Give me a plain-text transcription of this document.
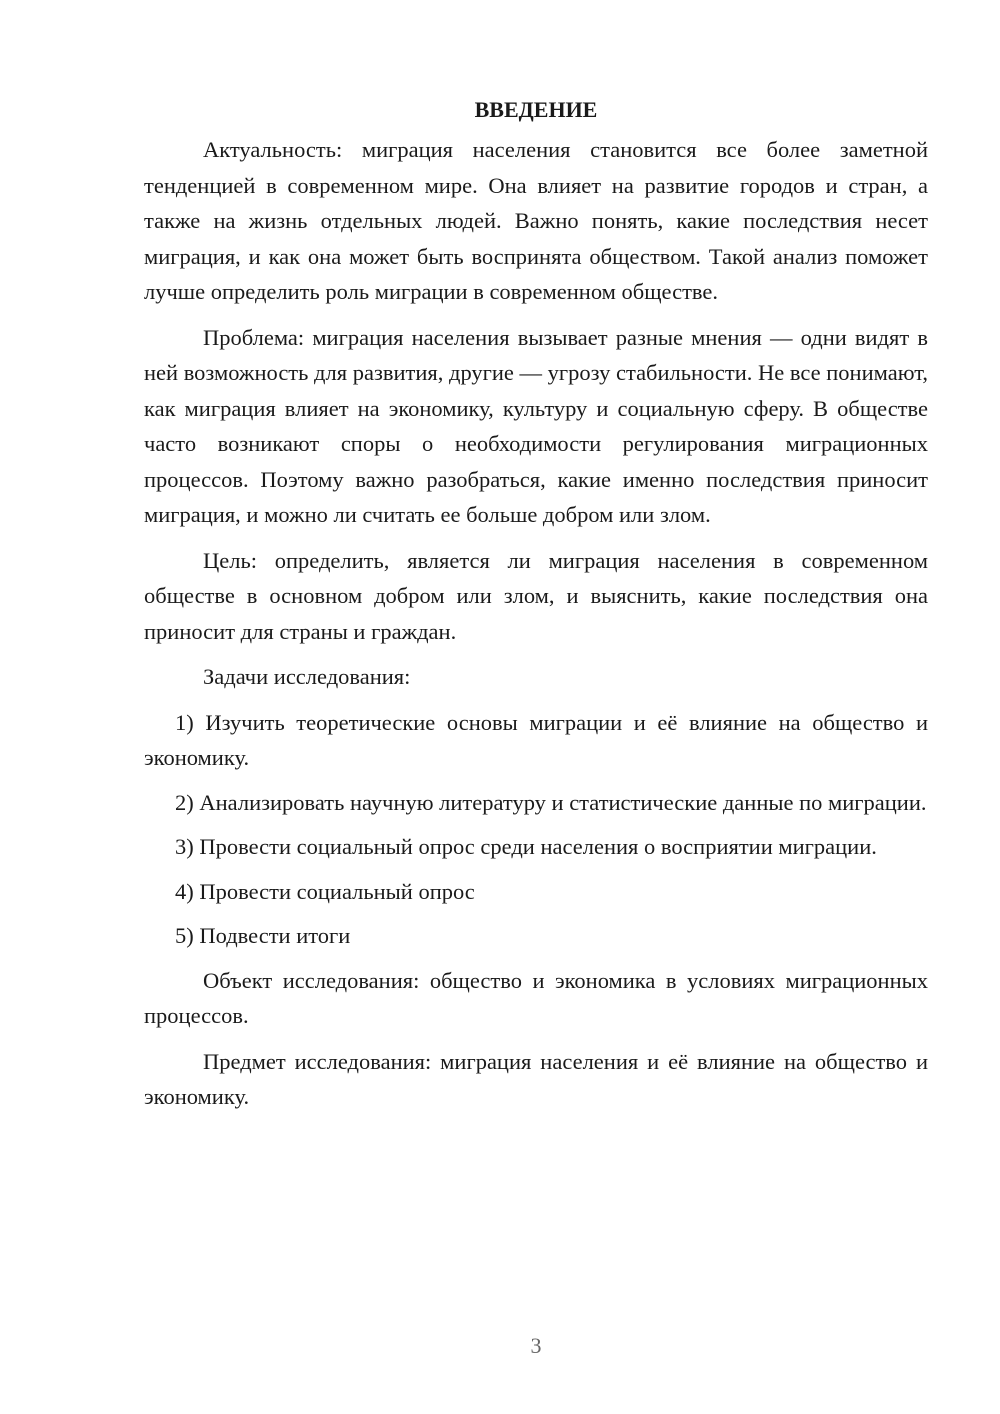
ВВЕДЕНИЕ

Актуальность: миграция населения становится все более заметной тенденцией в современном мире. Она влияет на развитие городов и стран, а также на жизнь отдельных людей. Важно понять, какие последствия несет миграция, и как она может быть воспринята обществом. Такой анализ поможет лучше определить роль миграции в современном обществе.

Проблема: миграция населения вызывает разные мнения — одни видят в ней возможность для развития, другие — угрозу стабильности. Не все понимают, как миграция влияет на экономику, культуру и социальную сферу. В обществе часто возникают споры о необходимости регулирования миграционных процессов. Поэтому важно разобраться, какие именно последствия приносит миграция, и можно ли считать ее больше добром или злом.

Цель: определить, является ли миграция населения в современном обществе в основном добром или злом, и выяснить, какие последствия она приносит для страны и граждан.

Задачи исследования:

1) Изучить теоретические основы миграции и её влияние на общество и экономику.

2) Анализировать научную литературу и статистические данные по миграции.

3) Провести социальный опрос среди населения о восприятии миграции.

4) Провести социальный опрос

5) Подвести итоги

Объект исследования: общество и экономика в условиях миграционных процессов.

Предмет исследования: миграция населения и её влияние на общество и экономику.

3
